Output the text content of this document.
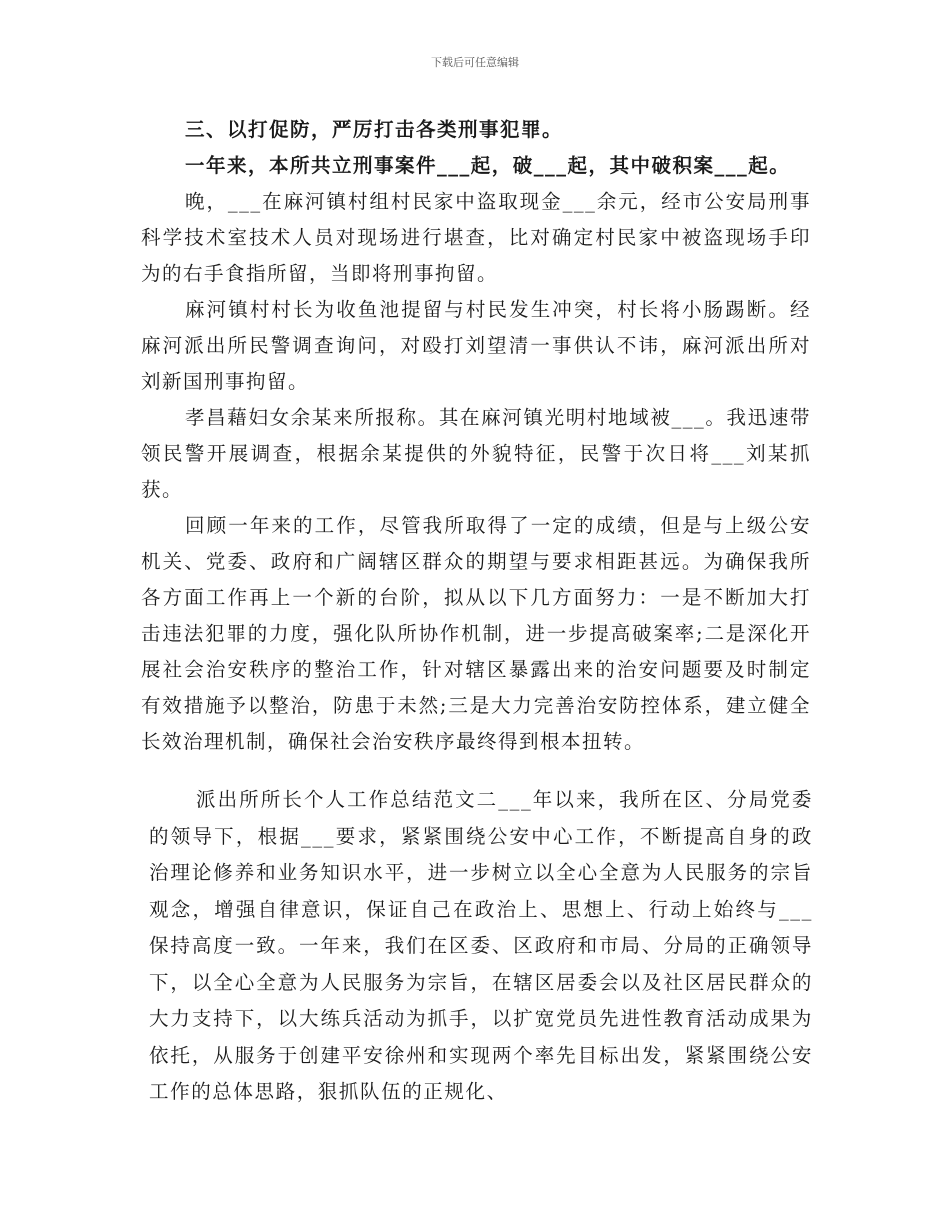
下载后可任意编辑

三、以打促防，严厉打击各类刑事犯罪。

一年来，本所共立刑事案件___起，破___起，其中破积案___起。

晚，___在麻河镇村组村民家中盗取现金___余元，经市公安局刑事科学技术室技术人员对现场进行堪查，比对确定村民家中被盗现场手印为的右手食指所留，当即将刑事拘留。

麻河镇村村长为收鱼池提留与村民发生冲突，村长将小肠踢断。经麻河派出所民警调查询问，对殴打刘望清一事供认不讳，麻河派出所对刘新国刑事拘留。

孝昌藉妇女余某来所报称。其在麻河镇光明村地域被___。我迅速带领民警开展调查，根据余某提供的外貌特征，民警于次日将___刘某抓获。

回顾一年来的工作，尽管我所取得了一定的成绩，但是与上级公安机关、党委、政府和广阔辖区群众的期望与要求相距甚远。为确保我所各方面工作再上一个新的台阶，拟从以下几方面努力：一是不断加大打击违法犯罪的力度，强化队所协作机制，进一步提高破案率;二是深化开展社会治安秩序的整治工作，针对辖区暴露出来的治安问题要及时制定有效措施予以整治，防患于未然;三是大力完善治安防控体系，建立健全长效治理机制，确保社会治安秩序最终得到根本扭转。

派出所所长个人工作总结范文二___年以来，我所在区、分局党委的领导下，根据___要求，紧紧围绕公安中心工作，不断提高自身的政治理论修养和业务知识水平，进一步树立以全心全意为人民服务的宗旨观念，增强自律意识，保证自己在政治上、思想上、行动上始终与___保持高度一致。一年来，我们在区委、区政府和市局、分局的正确领导下，以全心全意为人民服务为宗旨，在辖区居委会以及社区居民群众的大力支持下，以大练兵活动为抓手，以扩宽党员先进性教育活动成果为依托，从服务于创建平安徐州和实现两个率先目标出发，紧紧围绕公安工作的总体思路，狠抓队伍的正规化、
